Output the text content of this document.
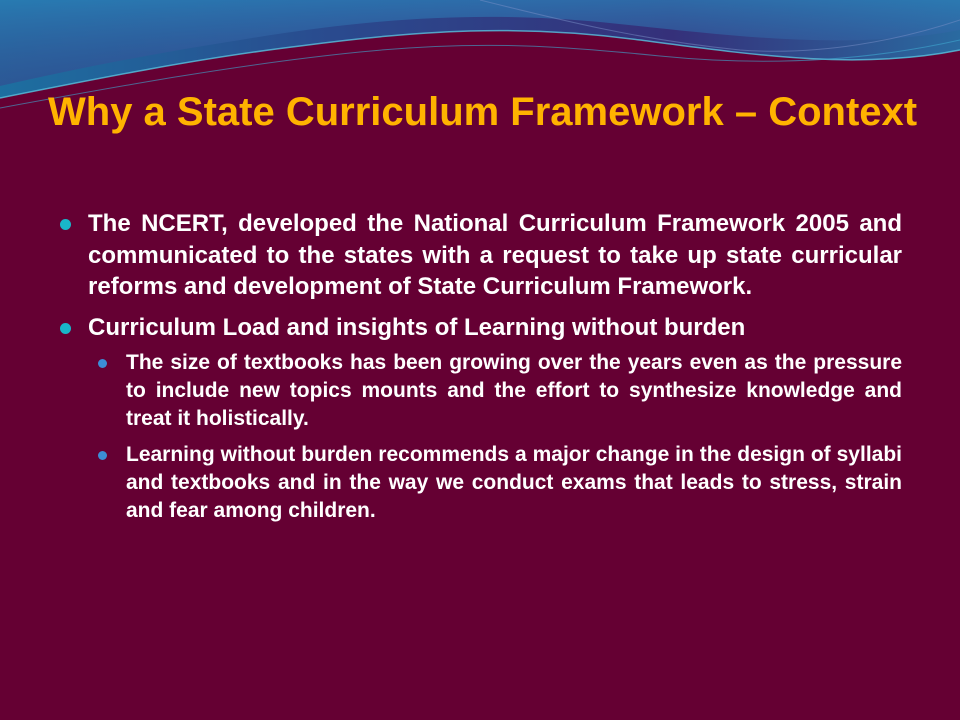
Why a State Curriculum Framework – Context
The NCERT, developed the National Curriculum Framework 2005 and communicated to the states with a request to take up state curricular reforms and development of State Curriculum Framework.
Curriculum Load and insights of Learning without burden
The size of textbooks has been growing over the years even as the pressure to include new topics mounts and the effort to synthesize knowledge and treat it holistically.
Learning without burden recommends a major change in the design of syllabi and textbooks and in the way we conduct exams that leads to stress, strain and fear among children.
